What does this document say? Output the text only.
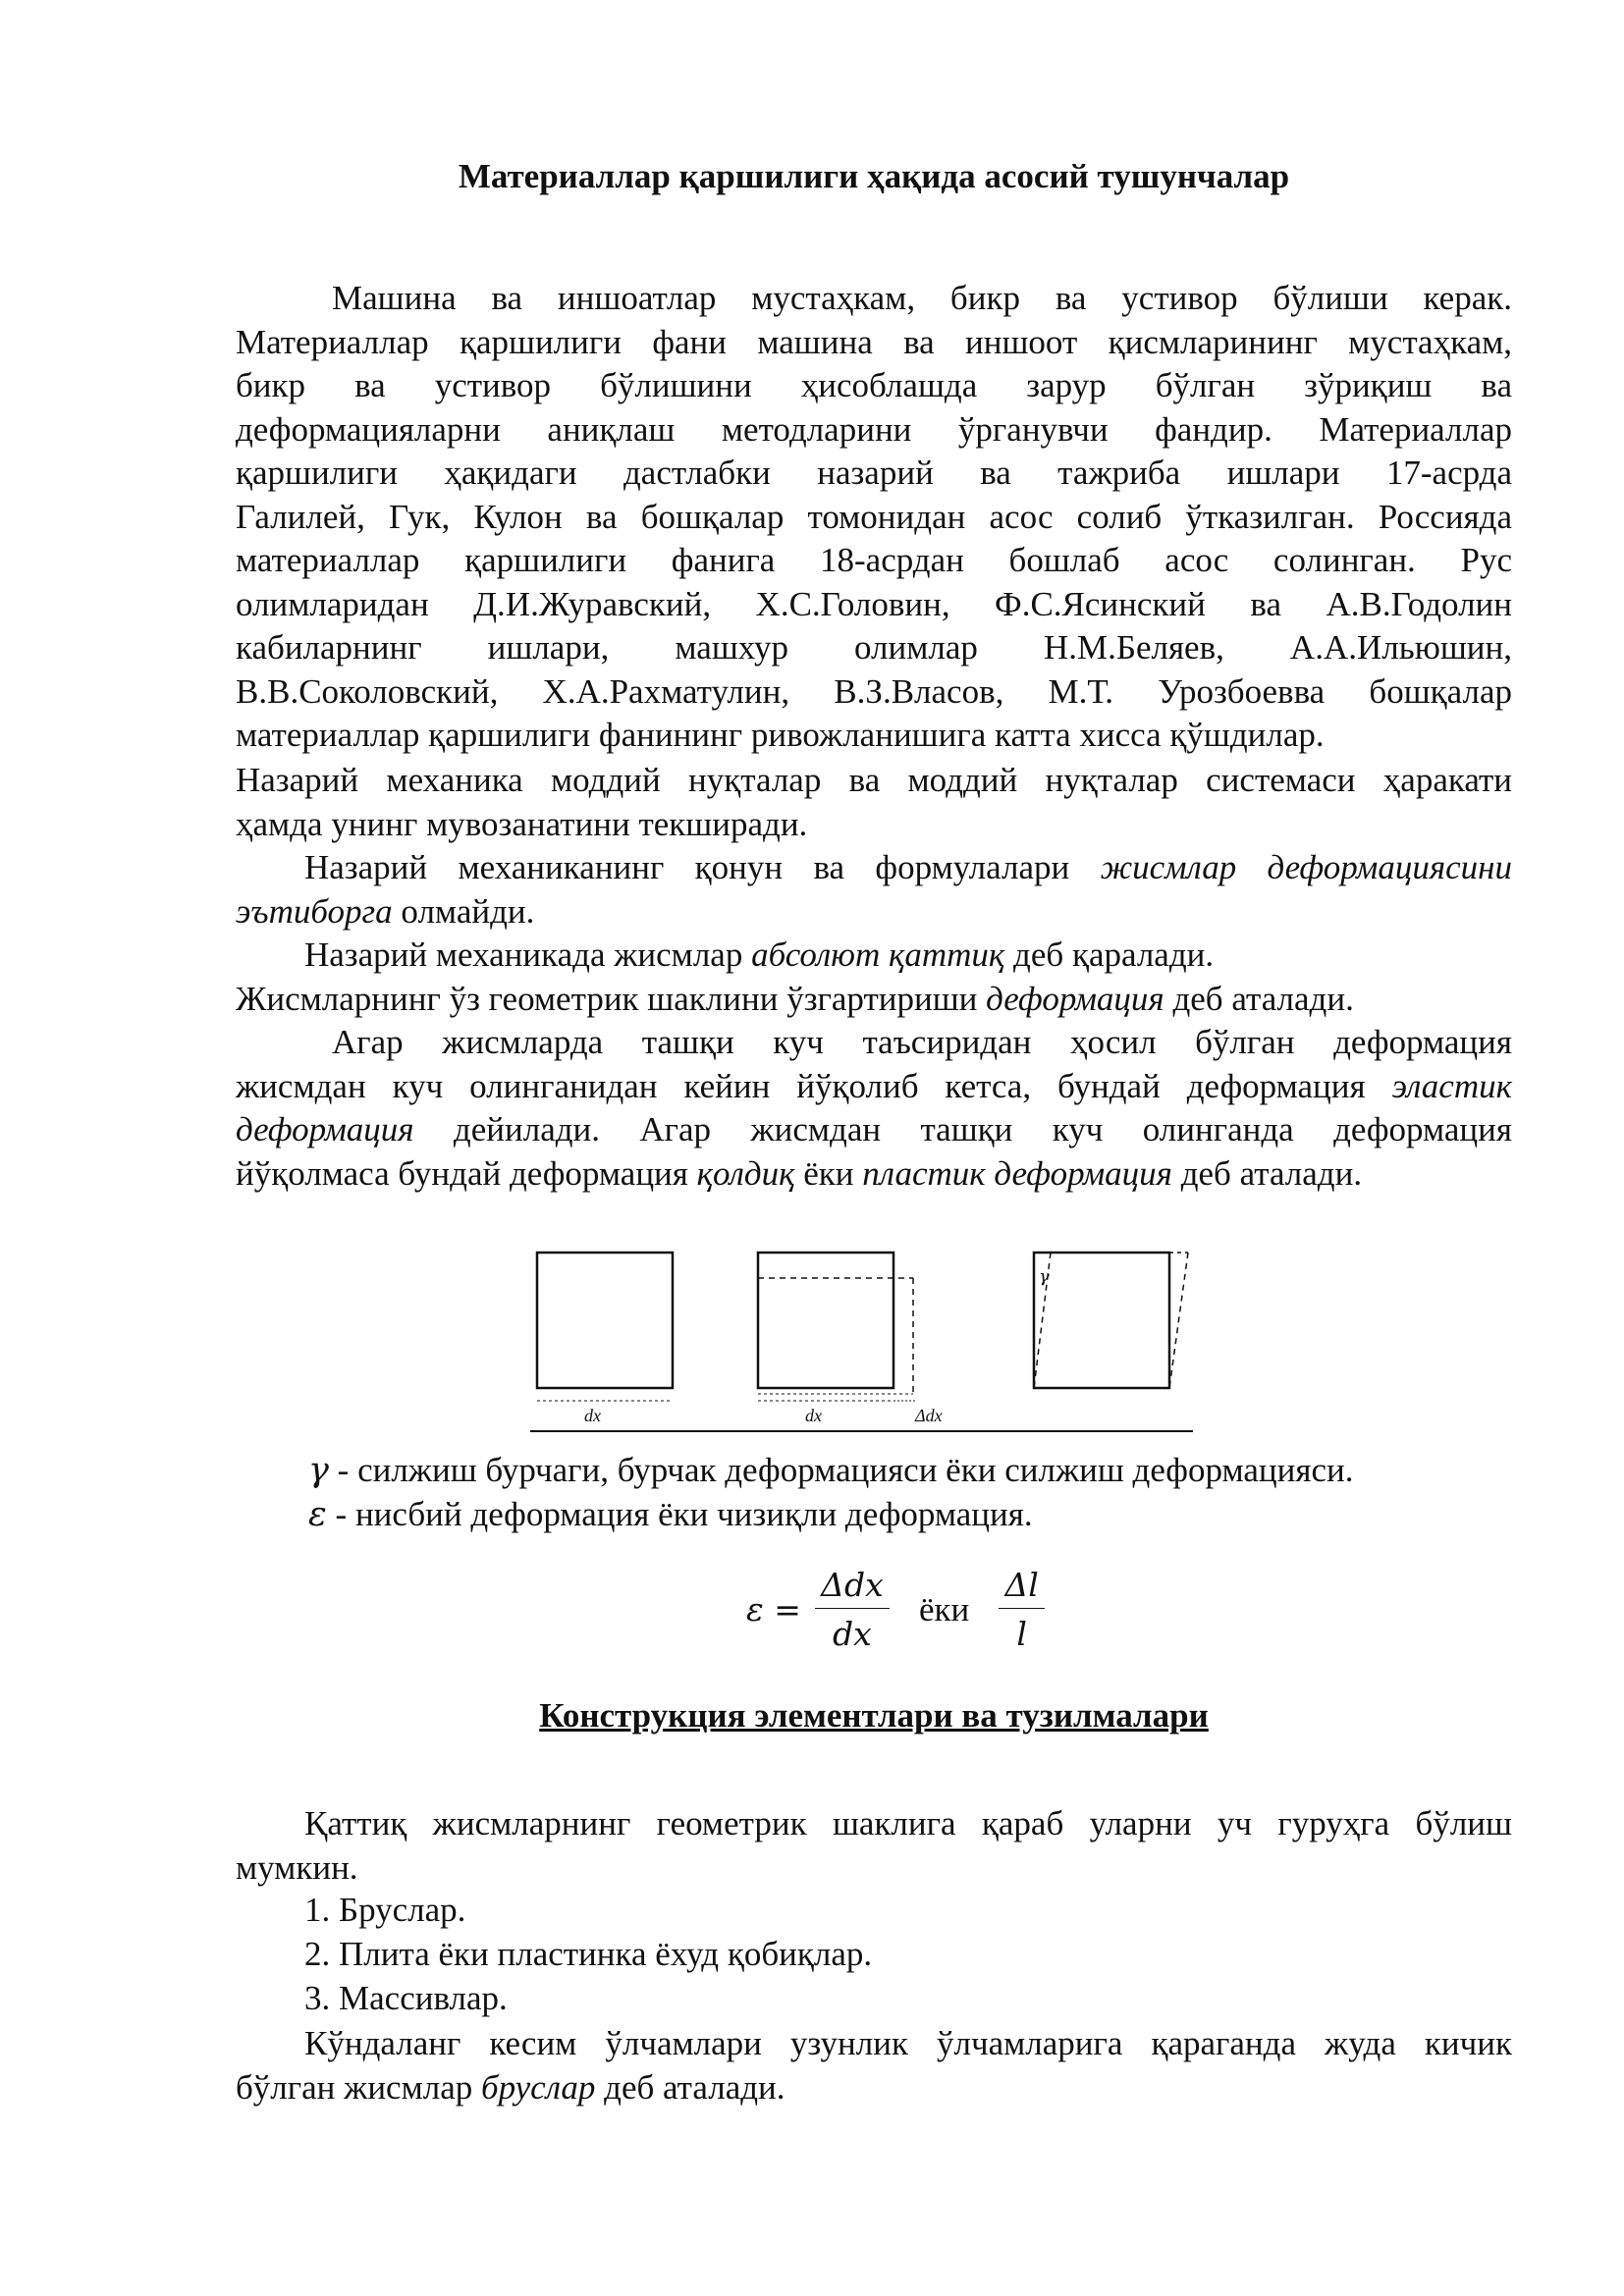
Материаллар қаршилиги ҳақида асосий тушунчалар
Машина ва иншоатлар мустаҳкам, бикр ва устивор бўлиши керак.
Материаллар қаршилиги фани машина ва иншоот қисмларининг мустаҳкам,
бикр ва устивор бўлишини ҳисоблашда зарур бўлган зўриқиш ва
деформацияларни аниқлаш методларини ўрганувчи фандир. Материаллар
қаршилиги ҳақидаги дастлабки назарий ва тажриба ишлари 17-асрда
Галилей, Гук, Кулон ва бошқалар томонидан асос солиб ўтказилган. Россияда
материаллар қаршилиги фанига 18-асрдан бошлаб асос солинган. Рус
олимларидан Д.И.Журавский, Х.С.Головин, Ф.С.Ясинский ва А.В.Годолин
кабиларнинг ишлари, машхур олимлар Н.М.Беляев, А.А.Ильюшин,
В.В.Соколовский, Х.А.Рахматулин, В.З.Власов, М.Т. Урозбоевва бошқалар
материаллар қаршилиги фанининг ривожланишига катта хисса қўшдилар.
Назарий механика моддий нуқталар ва моддий нуқталар системаси ҳаракати
ҳамда унинг мувозанатини текширади.
Назарий механиканинг қонун ва формулалари жисмлар деформациясини
эътиборга олмайди.
Назарий механикада жисмлар абсолют қаттиқ деб қаралади.
Жисмларнинг ўз геометрик шаклини ўзгартириши деформация деб аталади.
Агар жисмларда ташқи куч таъсиридан ҳосил бўлган деформация
жисмдан куч олинганидан кейин йўқолиб кетса, бундай деформация эластик
деформация дейилади. Агар жисмдан ташқи куч олинганда деформация
йўқолмаса бундай деформация қолдиқ ёки пластик деформация деб аталади.
dx	dx	Δdx
γ
γ - силжиш бурчаги, бурчак деформацияси ёки силжиш деформацияси.
ε - нисбий деформация ёки чизиқли деформация.
$\varepsilon = \frac{\text{Δdx}}{dx}$ ёки $\frac{\Delta l}{l}$
Конструкция элементлари ва тузилмалари
Қаттиқ жисмларнинг геометрик шаклига қараб уларни уч гуруҳга бўлиш
мумкин.
1. Бруслар.
2. Плита ёки пластинка ёхуд қобиқлар.
3. Массивлар.
Кўндаланг кесим ўлчамлари узунлик ўлчамларига қараганда жуда кичик
бўлган жисмлар бруслар деб аталади.
